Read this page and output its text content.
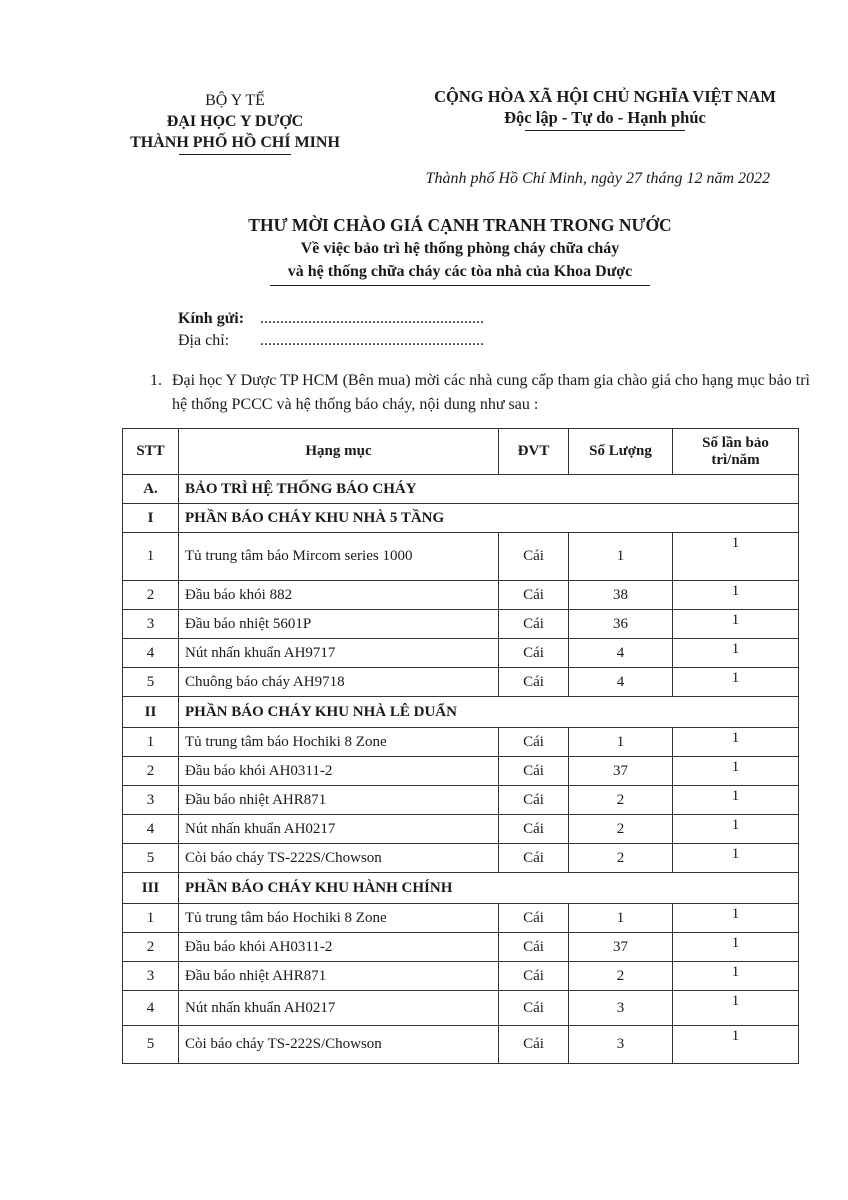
BỘ Y TẾ
ĐẠI HỌC Y DƯỢC
THÀNH PHỐ HỒ CHÍ MINH
CỘNG HÒA XÃ HỘI CHỦ NGHĨA VIỆT NAM
Độc lập - Tự do - Hạnh phúc
Thành phố Hồ Chí Minh, ngày 27 tháng 12 năm 2022
THƯ MỜI CHÀO GIÁ CẠNH TRANH TRONG NƯỚC
Về việc bảo trì hệ thống phòng cháy chữa cháy
và hệ thống chữa cháy các tòa nhà của Khoa Dược
Kính gửi: ........................................................
Địa chỉ:	........................................................
1. Đại học Y Dược TP HCM (Bên mua) mời các nhà cung cấp tham gia chào giá cho hạng mục bảo trì hệ thống PCCC và hệ thống báo cháy, nội dung như sau :
STT	Hạng mục	ĐVT	Số Lượng	Số lần bảo trì/năm
A.	BẢO TRÌ HỆ THỐNG BÁO CHÁY			
I	PHẦN BÁO CHÁY KHU NHÀ 5 TẦNG			
1	Tủ trung tâm báo Mircom series 1000	Cái	1	1
2	Đầu báo khói 882	Cái	38	1
3	Đầu báo nhiệt 5601P	Cái	36	1
4	Nút nhấn khuẩn AH9717	Cái	4	1
5	Chuông báo cháy AH9718	Cái	4	1
II	PHẦN BÁO CHÁY KHU NHÀ LÊ DUẨN			
1	Tủ trung tâm báo Hochiki 8 Zone	Cái	1	1
2	Đầu báo khói AH0311-2	Cái	37	1
3	Đầu báo nhiệt AHR871	Cái	2	1
4	Nút nhấn khuẩn AH0217	Cái	2	1
5	Còi báo cháy TS-222S/Chowson	Cái	2	1
III	PHẦN BÁO CHÁY KHU HÀNH CHÍNH			
1	Tủ trung tâm báo Hochiki 8 Zone	Cái	1	1
2	Đầu báo khói AH0311-2	Cái	37	1
3	Đầu báo nhiệt AHR871	Cái	2	1
4	Nút nhấn khuẩn AH0217	Cái	3	1
5	Còi báo cháy TS-222S/Chowson	Cái	3	1
